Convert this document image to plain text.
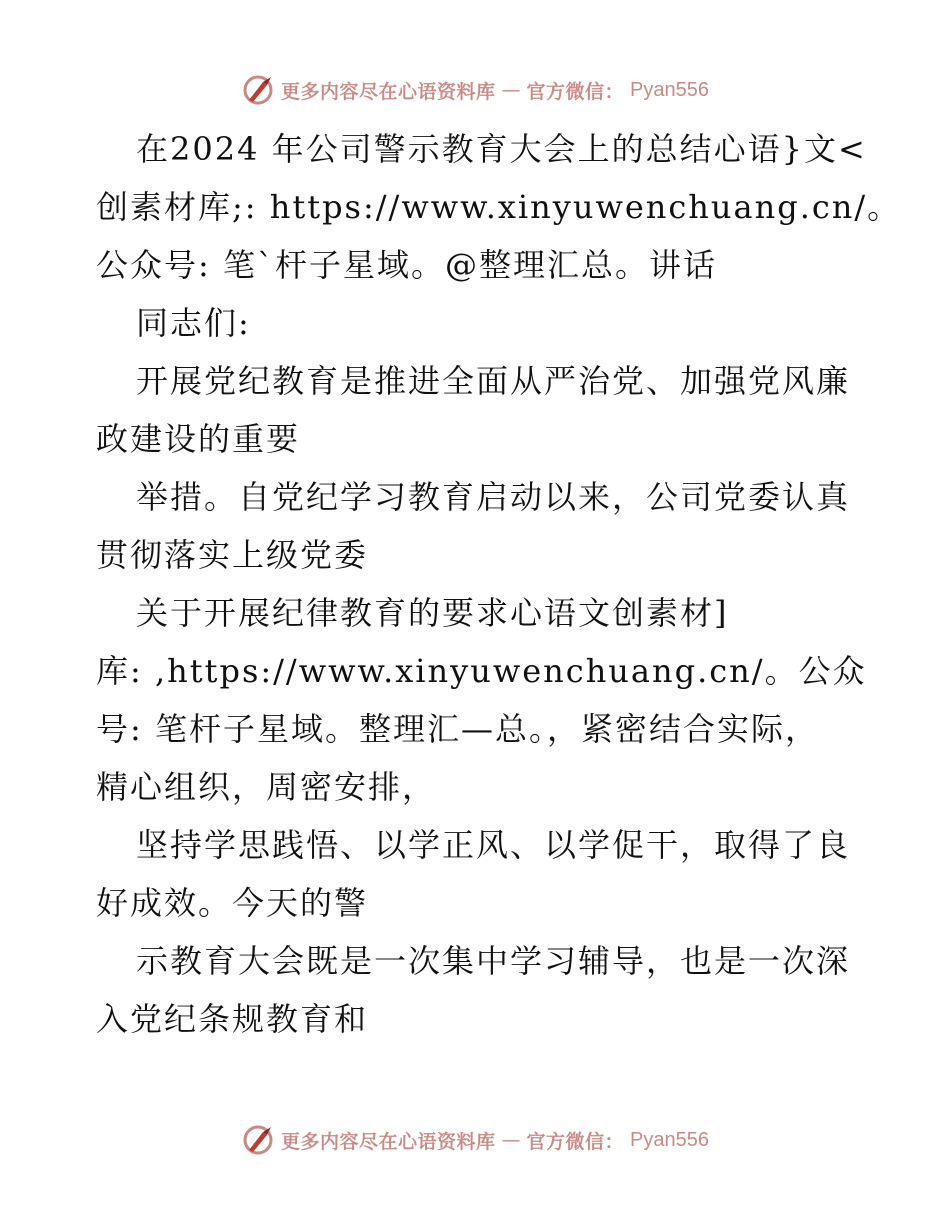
更多内容尽在心语资料库 — 官方微信： Pyan556
在2024 年公司警示教育大会上的总结心语}文<
创素材库;: https://www.xinyuwenchuang.cn/。
公众号: 笔`杆子星域。@整理汇总。讲话
同志们:
开展党纪教育是推进全面从严治党、加强党风廉
政建设的重要
举措。自党纪学习教育启动以来，公司党委认真
贯彻落实上级党委
关于开展纪律教育的要求心语文创素材]
库: ,https://www.xinyuwenchuang.cn/。公众
号: 笔杆子星域。整理汇—总。，紧密结合实际，
精心组织，周密安排，
坚持学思践悟、以学正风、以学促干，取得了良
好成效。今天的警
示教育大会既是一次集中学习辅导，也是一次深
入党纪条规教育和
更多内容尽在心语资料库 — 官方微信： Pyan556
